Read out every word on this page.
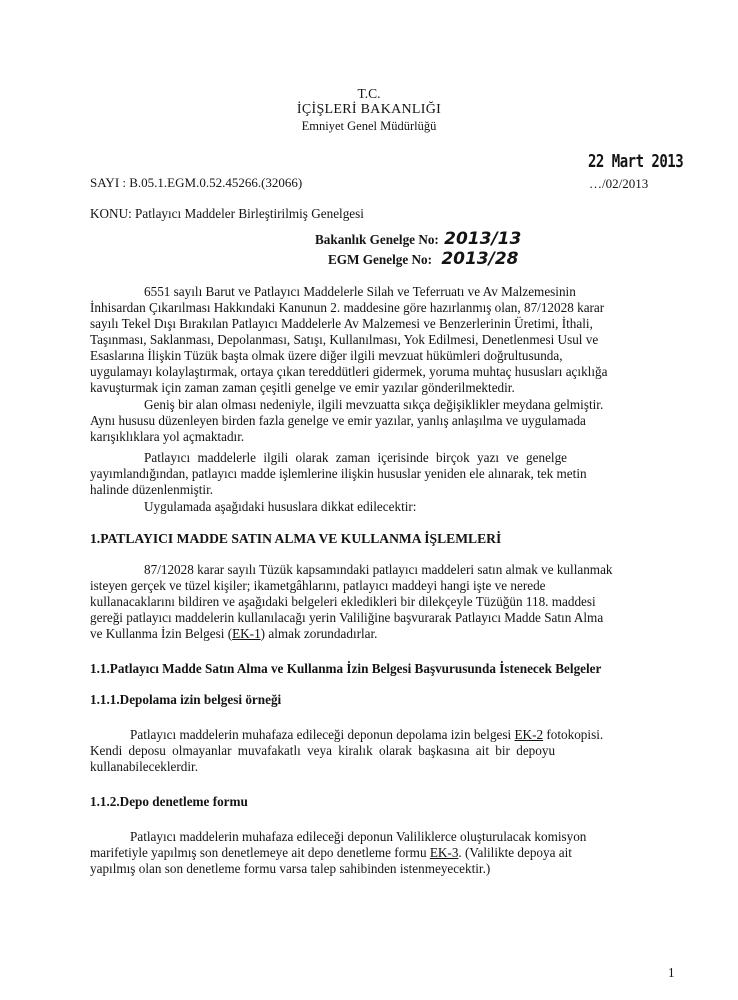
T.C.
İÇİŞLERİ BAKANLIĞI
Emniyet Genel Müdürlüğü
22 Mart 2013
SAYI : B.05.1.EGM.0.52.45266.(32066)	…/02/2013
KONU: Patlayıcı Maddeler Birleştirilmiş Genelgesi
Bakanlık Genelge No: 2013/13
EGM Genelge No: 2013/28

6551 sayılı Barut ve Patlayıcı Maddelerle Silah ve Teferruatı ve Av Malzemesinin

İnhisardan Çıkarılması Hakkındaki Kanunun 2. maddesine göre hazırlanmış olan, 87/12028 karar

sayılı Tekel Dışı Bırakılan Patlayıcı Maddelerle Av Malzemesi ve Benzerlerinin Üretimi, İthali,

Taşınması, Saklanması, Depolanması, Satışı, Kullanılması, Yok Edilmesi, Denetlenmesi Usul ve

Esaslarına İlişkin Tüzük başta olmak üzere diğer ilgili mevzuat hükümleri doğrultusunda,

uygulamayı kolaylaştırmak, ortaya çıkan tereddütleri gidermek, yoruma muhtaç hususları açıklığa

kavuşturmak için zaman zaman çeşitli genelge ve emir yazılar gönderilmektedir.

Geniş bir alan olması nedeniyle, ilgili mevzuatta sıkça değişiklikler meydana gelmiştir.

Aynı hususu düzenleyen birden fazla genelge ve emir yazılar, yanlış anlaşılma ve uygulamada

karışıklıklara yol açmaktadır.

Patlayıcı maddelerle ilgili olarak zaman içerisinde birçok yazı ve genelge

yayımlandığından, patlayıcı madde işlemlerine ilişkin hususlar yeniden ele alınarak, tek metin

halinde düzenlenmiştir.

Uygulamada aşağıdaki hususlara dikkat edilecektir:
1.PATLAYICI MADDE SATIN ALMA VE KULLANMA İŞLEMLERİ

87/12028 karar sayılı Tüzük kapsamındaki patlayıcı maddeleri satın almak ve kullanmak

isteyen gerçek ve tüzel kişiler; ikametgâhlarını, patlayıcı maddeyi hangi işte ve nerede

kullanacaklarını bildiren ve aşağıdaki belgeleri ekledikleri bir dilekçeyle Tüzüğün 118. maddesi

gereği patlayıcı maddelerin kullanılacağı yerin Valiliğine başvurarak Patlayıcı Madde Satın Alma

ve Kullanma İzin Belgesi (EK-1) almak zorundadırlar.

1.1.Patlayıcı Madde Satın Alma ve Kullanma İzin Belgesi Başvurusunda İstenecek Belgeler
1.1.1.Depolama izin belgesi örneği

Patlayıcı maddelerin muhafaza edileceği deponun depolama izin belgesi EK-2 fotokopisi.

Kendi deposu olmayanlar muvafakatlı veya kiralık olarak başkasına ait bir depoyu

kullanabileceklerdir.

1.1.2.Depo denetleme formu

Patlayıcı maddelerin muhafaza edileceği deponun Valiliklerce oluşturulacak komisyon

marifetiyle yapılmış son denetlemeye ait depo denetleme formu EK-3. (Valilikte depoya ait

yapılmış olan son denetleme formu varsa talep sahibinden istenmeyecektir.)

1
